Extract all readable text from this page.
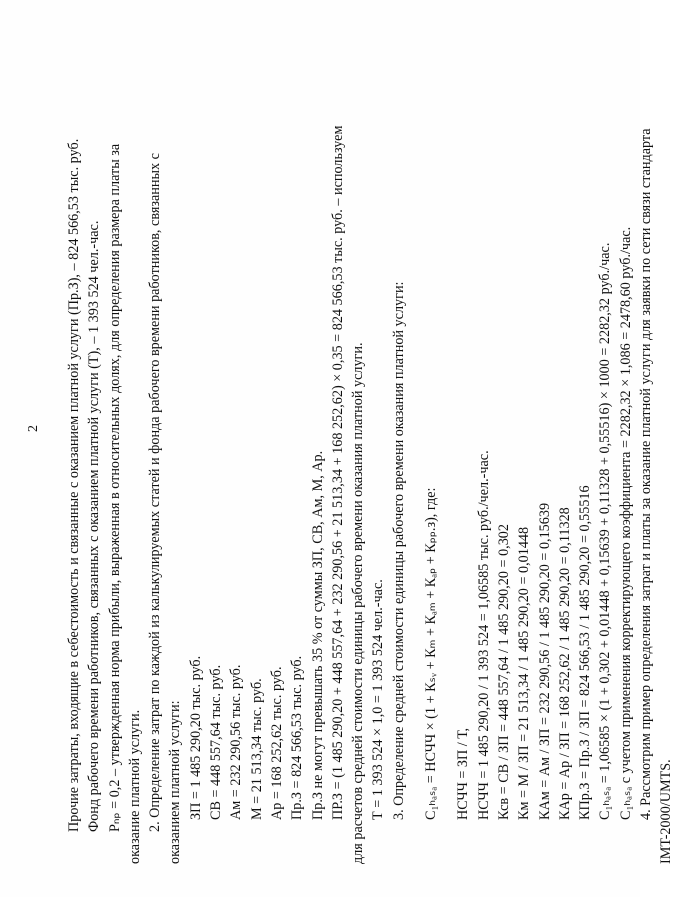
2 Прочие затраты, входящие в себестоимость и связанные с оказанием платной услуги (Пр.З), – 824 566,53 тыс. руб. Фонд рабочего времени работников, связанных с оказанием платной услуги (Т), – 1 393 524 чел.-час. Pₙₚ = 0,2 – утвержденная норма прибыли, выраженная в относительных долях, для определения размера платы за оказание платной услуги. 2. Определение затрат по каждой из калькулируемых статей и фонда рабочего времени работников, связанных с оказанием платной услуги: ЗП = 1 485 290,20 тыс. руб. СВ = 448 557,64 тыс. руб. Ам = 232 290,56 тыс. руб. М = 21 513,34 тыс. руб. Ар = 168 252,62 тыс. руб. Пр.З = 824 566,53 тыс. руб. Пр.З не могут превышать 35 % от суммы ЗП, СВ, Ам, М, Ар. ПР.З = (1 485 290,20 + 448 557,64 + 232 290,56 + 21 513,34 + 168 252,62) × 0,35 = 824 566,53 тыс. руб. – используем для расчетов средней стоимости единицы рабочего времени оказания платной услуги. Т = 1 393 524 × 1,0 = 1 393 524 чел.-час. 3. Определение средней стоимости единицы рабочего времени оказания платной услуги: С₁ₕₐₛₐ = НСЧЧ × (1 + Кₛᵥ + Кₘ + Кₐₘ + Кₐₚ + Кₚₚ.з), где: НСЧЧ = ЗП / Т, НСЧЧ = 1 485 290,20 / 1 393 524 = 1,06585 тыс. руб./чел.-час. Ксв = СВ / ЗП = 448 557,64 / 1 485 290,20 = 0,302 Км = М / ЗП = 21 513,34 / 1 485 290,20 = 0,01448 КАм = Ам / ЗП = 232 290,56 / 1 485 290,20 = 0,15639 КАр = Ар / ЗП = 168 252,62 / 1 485 290,20 = 0,11328 КПр.З = Пр.З / ЗП = 824 566,53 / 1 485 290,20 = 0,55516 С₁ₕₐₛₐ = 1,06585 × (1 + 0,302 + 0,01448 + 0,15639 + 0,11328 + 0,55516) × 1000 = 2282,32 руб./час. С₁ₕₐₛₐ с учетом применения корректирующего коэффициента = 2282,32 × 1,086 = 2478,60 руб./час. 4. Рассмотрим пример определения затрат и платы за оказание платной услуги для заявки по сети связи стандарта IMT-2000/UMTS.
